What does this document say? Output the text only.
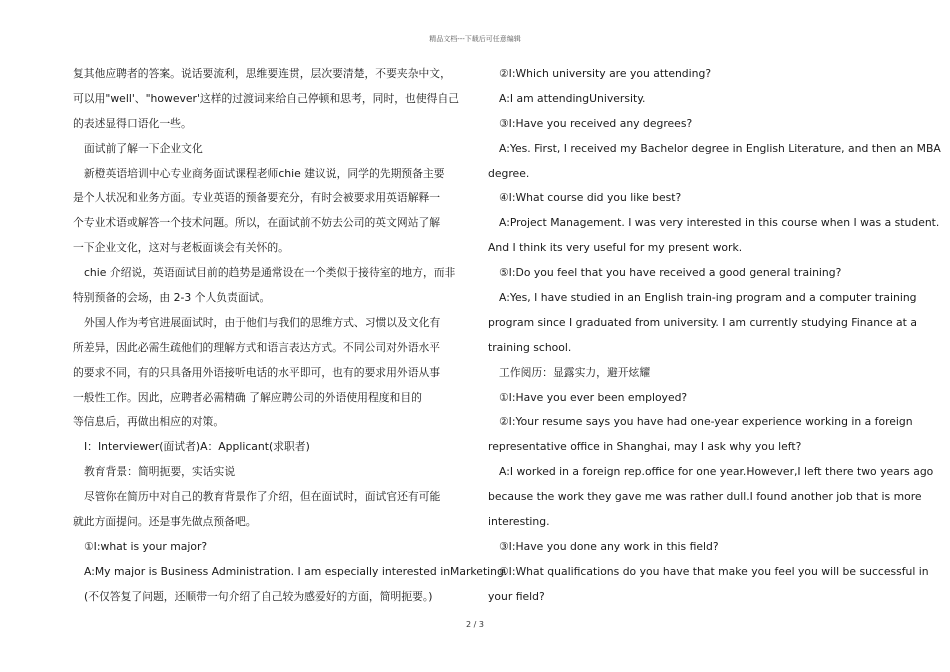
精品文档---下载后可任意编辑
复其他应聘者的答案。说话要流利，思维要连贯，层次要清楚，不要夹杂中文，
可以用"well'、"however'这样的过渡词来给自己停顿和思考，同时，也使得自己
的表述显得口语化一些。
面试前了解一下企业文化
新橙英语培训中心专业商务面试课程老师chie 建议说，同学的先期预备主要
是个人状况和业务方面。专业英语的预备要充分，有时会被要求用英语解释一
个专业术语或解答一个技术问题。所以，在面试前不妨去公司的英文网站了解
一下企业文化，这对与老板面谈会有关怀的。
chie 介绍说，英语面试目前的趋势是通常设在一个类似于接待室的地方，而非
特别预备的会场，由 2-3 个人负责面试。
外国人作为考官进展面试时，由于他们与我们的思维方式、习惯以及文化有
所差异，因此必需生疏他们的理解方式和语言表达方式。不同公司对外语水平
的要求不同，有的只具备用外语接听电话的水平即可，也有的要求用外语从事
一般性工作。因此，应聘者必需精确 了解应聘公司的外语使用程度和目的
等信息后，再做出相应的对策。
I：Interviewer(面试者)A：Applicant(求职者)
教育背景：简明扼要，实话实说
尽管你在简历中对自己的教育背景作了介绍，但在面试时，面试官还有可能
就此方面提问。还是事先做点预备吧。
①I:what is your major?
A:My major is Business Administration. I am especially interested inMarketing.
(不仅答复了问题，还顺带一句介绍了自己较为感爱好的方面，简明扼要。)
②I:Which university are you attending?
A:I am attendingUniversity.
③I:Have you received any degrees?
A:Yes. First, I received my Bachelor degree in English Literature, and then an MBA
degree.
④I:What course did you like best?
A:Project Management. I was very interested in this course when I was a student.
And I think its very useful for my present work.
⑤I:Do you feel that you have received a good general training?
A:Yes, I have studied in an English train-ing program and a computer training
program since I graduated from university. I am currently studying Finance at a
training school.
工作阅历：显露实力，避开炫耀
①I:Have you ever been employed?
②I:Your resume says you have had one-year experience working in a foreign
representative office in Shanghai, may I ask why you left?
A:I worked in a foreign rep.office for one year.However,I left there two years ago
because the work they gave me was rather dull.I found another job that is more
interesting.
③I:Have you done any work in this field?
④I:What qualifications do you have that make you feel you will be successful in
your field?
2 / 3
